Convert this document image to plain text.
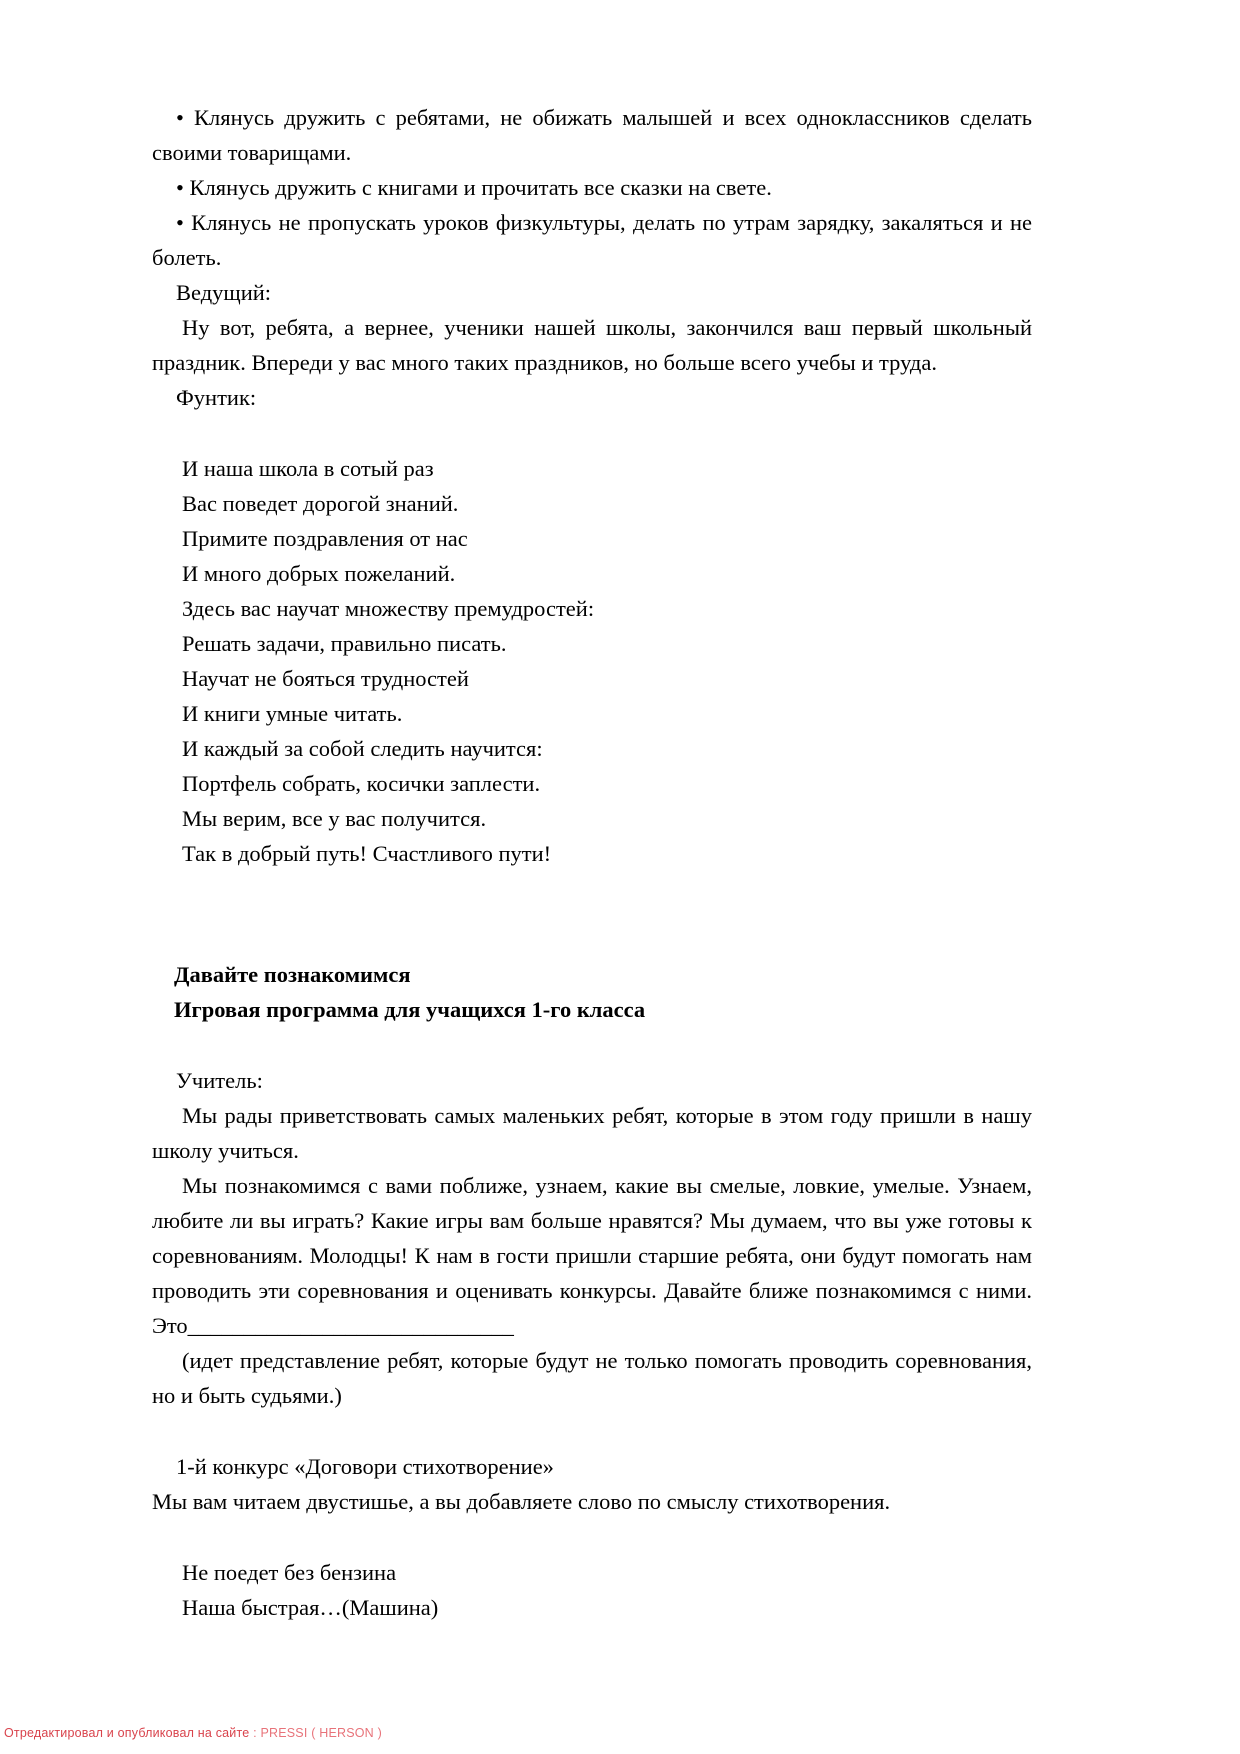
• Клянусь дружить с ребятами, не обижать малышей и всех одноклассников сделать своими товарищами.

• Клянусь дружить с книгами и прочитать все сказки на свете.

• Клянусь не пропускать уроков физкультуры, делать по утрам зарядку, закаляться и не болеть.

Ведущий:

Ну вот, ребята, а вернее, ученики нашей школы, закончился ваш первый школьный праздник. Впереди у вас много таких праздников, но больше всего учебы и труда.

Фунтик:

И наша школа в сотый раз

Вас поведет дорогой знаний.

Примите поздравления от нас

И много добрых пожеланий.

Здесь вас научат множеству премудростей:

Решать задачи, правильно писать.

Научат не бояться трудностей

И книги умные читать.

И каждый за собой следить научится:

Портфель собрать, косички заплести.

Мы верим, все у вас получится.

Так в добрый путь! Счастливого пути!

Давайте познакомимся

Игровая программа для учащихся 1-го класса

Учитель:

Мы рады приветствовать самых маленьких ребят, которые в этом году пришли в нашу школу учиться.

Мы познакомимся с вами поближе, узнаем, какие вы смелые, ловкие, умелые. Узнаем, любите ли вы играть? Какие игры вам больше нравятся? Мы думаем, что вы уже готовы к соревнованиям. Молодцы! К нам в гости пришли старшие ребята, они будут помогать нам проводить эти соревнования и оценивать конкурсы. Давайте ближе познакомимся с ними. Это_____________________________

(идет представление ребят, которые будут не только помогать проводить соревнования, но и быть судьями.)

1-й конкурс «Договори стихотворение»

Мы вам читаем двустишье, а вы добавляете слово по смыслу стихотворения.

Не поедет без бензина

Наша быстрая…(Машина)

Отредактировал и опубликовал на сайте : PRESSI ( HERSON )
